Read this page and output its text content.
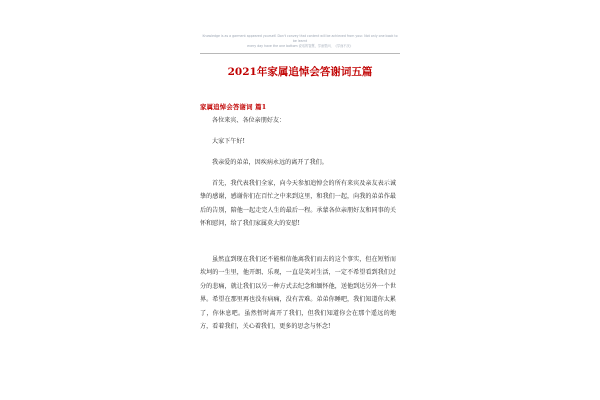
Knowledge is as a garment appeared yourself. Don't convey that content will be achieved from your. Not only one book to be learnt
every day have the one bottom 说话的智慧，学而思问，《学而不厌》
2021年家属追悼会答谢词五篇
家属追悼会答谢词 篇1

各位来宾、各位亲朋好友：

大家下午好!

我亲爱的弟弟，因疾病永远的离开了我们。

首先，我代表我们全家，向今天参加追悼会的所有来宾及亲友表示诚挚的感谢，感谢你们在百忙之中来到这里，和我们一起，向我的弟弟作最后的告别，陪他一起走完人生的最后一程。承蒙各位亲朋好友和同事的关怀和慰问，给了我们家属莫大的安慰!

虽然直到现在我们还不能相信他离我们而去的这个事实，但在短暂而坎坷的一生里，他开朗、乐观，一直是笑对生活，一定不希望看到我们过分的悲痛，就让我们以另一种方式去纪念和缅怀他，送他到达另外一个世界。希望在那里再也没有病痛，没有苦难。弟弟你睡吧，我们知道你太累了，你休息吧。虽然暂时离开了我们，但我们知道你会在那个遥远的地方，看着我们，关心着我们，更多的思念与怀念!
